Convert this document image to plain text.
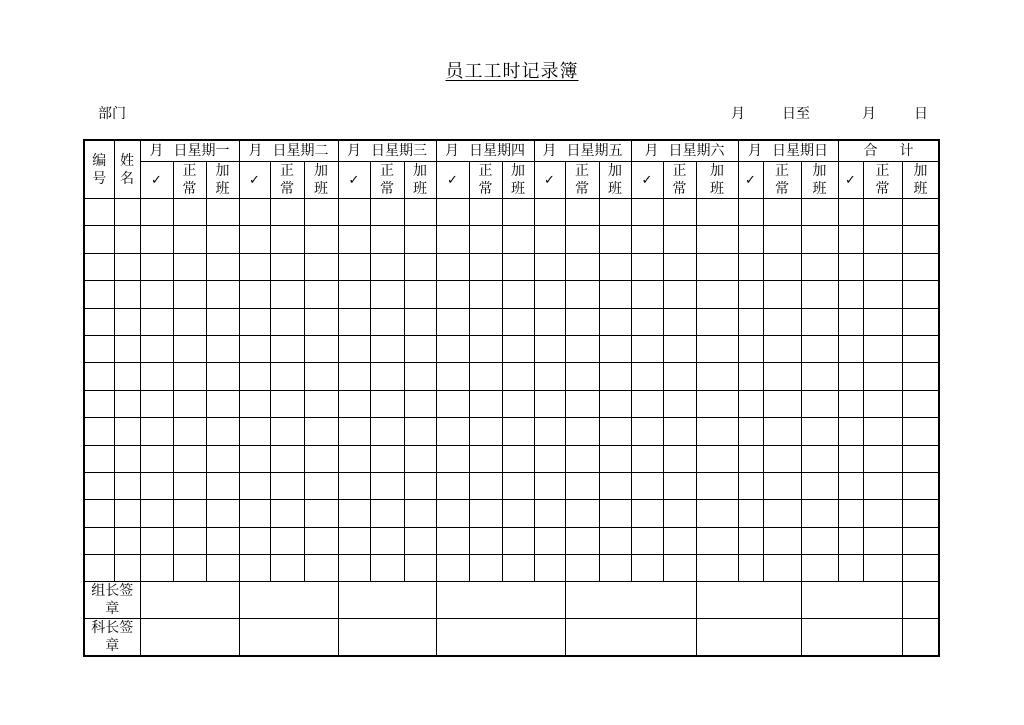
员工工时记录簿
部门	月	日至	月	日
编号	姓名	月 日星期一			月 日星期二			月 日星期三			月 日星期四			月 日星期五			月 日星期六			月 日星期日			合 计			
		✓	正常	加班	✓	正常	加班	✓	正常	加班	✓	正常	加班	✓	正常	加班	✓	正常	加班	✓	正常	加班	✓	正常	加班	

组长签章																										
科长签章																										
